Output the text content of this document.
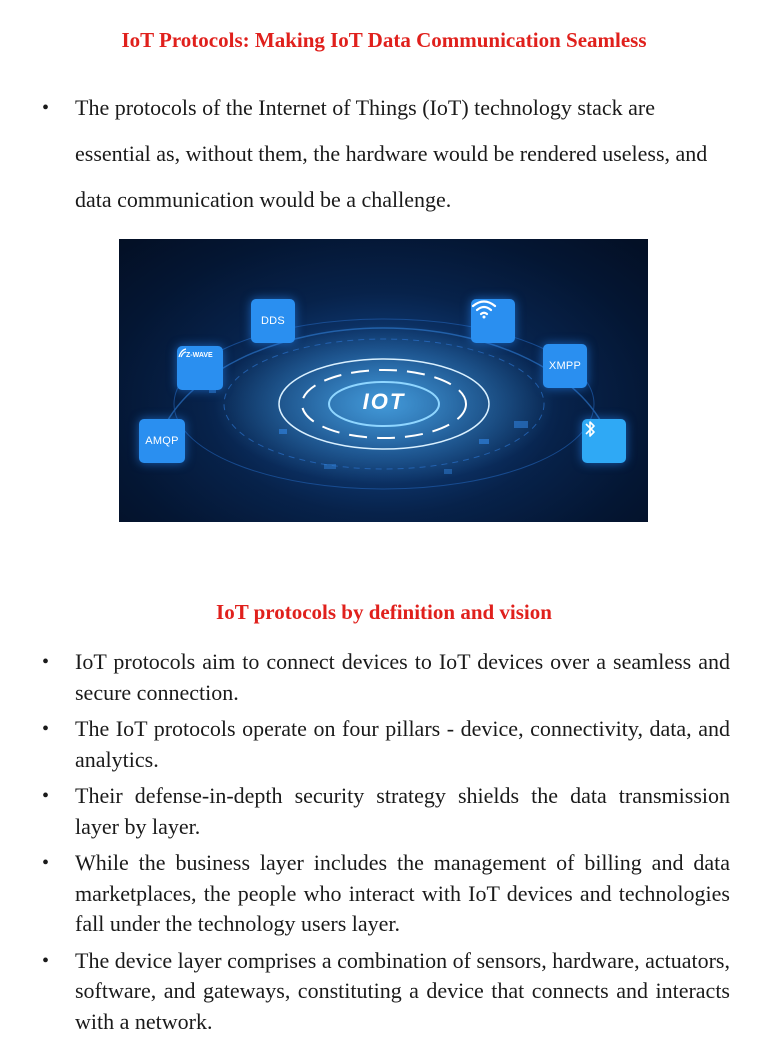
IoT Protocols: Making IoT Data Communication Seamless
• The protocols of the Internet of Things (IoT) technology stack are essential as, without them, the hardware would be rendered useless, and data communication would be a challenge.
IOT
DDS
Z-WAVE
AMQP
XMPP
IoT protocols by definition and vision
• IoT protocols aim to connect devices to IoT devices over a seamless and secure connection.
• The IoT protocols operate on four pillars - device, connectivity, data, and analytics.
• Their defense-in-depth security strategy shields the data transmission layer by layer.
• While the business layer includes the management of billing and data marketplaces, the people who interact with IoT devices and technologies fall under the technology users layer.
• The device layer comprises a combination of sensors, hardware, actuators, software, and gateways, constituting a device that connects and interacts with a network.
